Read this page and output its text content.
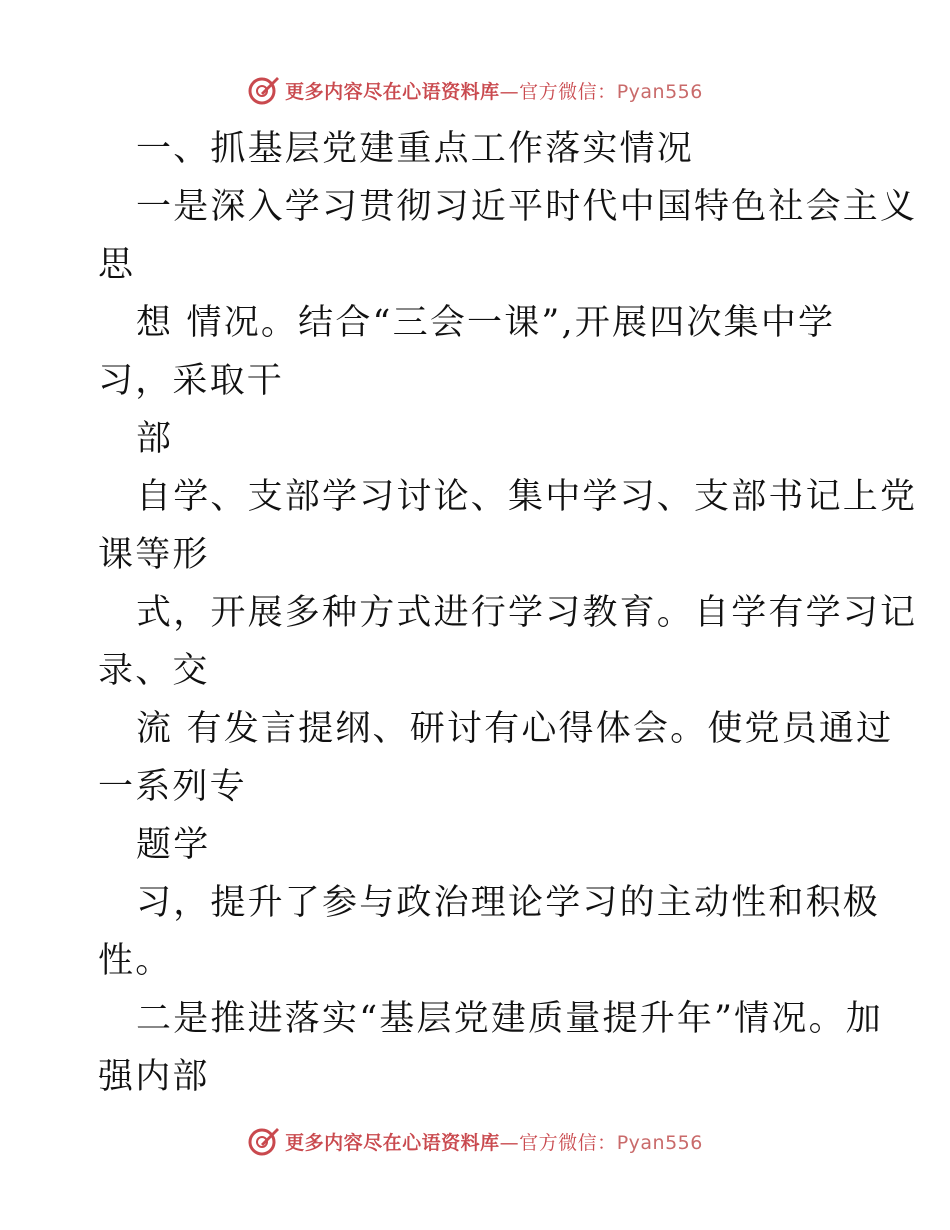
更多内容尽在心语资料库—官方微信：Pyan556
一、抓基层党建重点工作落实情况
一是深入学习贯彻习近平时代中国特色社会主义
思
想 情况。结合“三会一课”,开展四次集中学
习，采取干
部
自学、支部学习讨论、集中学习、支部书记上党
课等形
式，开展多种方式进行学习教育。自学有学习记
录、交
流 有发言提纲、研讨有心得体会。使党员通过
一系列专
题学
习，提升了参与政治理论学习的主动性和积极
性。
二是推进落实“基层党建质量提升年”情况。加
强内部
更多内容尽在心语资料库—官方微信：Pyan556
